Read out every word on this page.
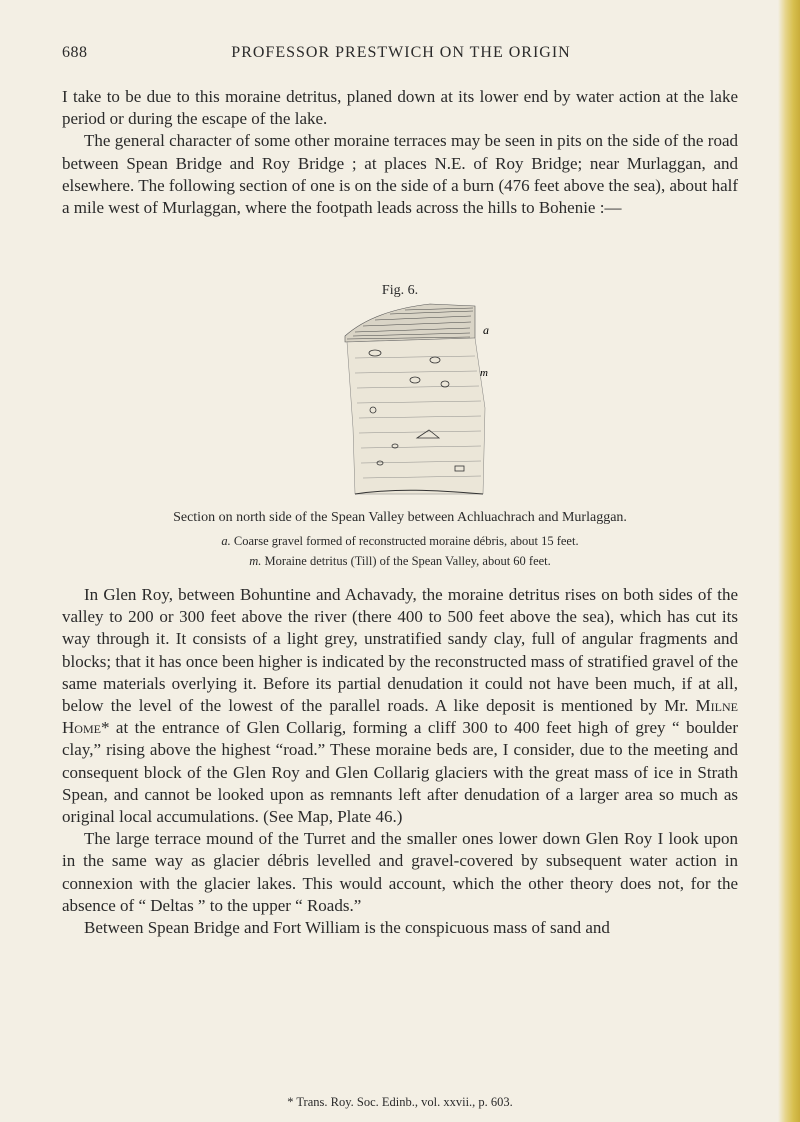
688	PROFESSOR PRESTWICH ON THE ORIGIN

I take to be due to this moraine detritus, planed down at its lower end by water action at the lake period or during the escape of the lake.
The general character of some other moraine terraces may be seen in pits on the side of the road between Spean Bridge and Roy Bridge ; at places N.E. of Roy Bridge; near Murlaggan, and elsewhere. The following section of one is on the side of a burn (476 feet above the sea), about half a mile west of Murlaggan, where the footpath leads across the hills to Bohenie :—

Fig. 6.
a
m
Section on north side of the Spean Valley between Achluachrach and Murlaggan.
a. Coarse gravel formed of reconstructed moraine débris, about 15 feet.
m. Moraine detritus (Till) of the Spean Valley, about 60 feet.

In Glen Roy, between Bohuntine and Achavady, the moraine detritus rises on both sides of the valley to 200 or 300 feet above the river (there 400 to 500 feet above the sea), which has cut its way through it. It consists of a light grey, unstratified sandy clay, full of angular fragments and blocks; that it has once been higher is indicated by the reconstructed mass of stratified gravel of the same materials overlying it. Before its partial denudation it could not have been much, if at all, below the level of the lowest of the parallel roads. A like deposit is mentioned by Mr. Milne Home* at the entrance of Glen Collarig, forming a cliff 300 to 400 feet high of grey “ boulder clay,” rising above the highest “road.” These moraine beds are, I consider, due to the meeting and consequent block of the Glen Roy and Glen Collarig glaciers with the great mass of ice in Strath Spean, and cannot be looked upon as remnants left after denudation of a larger area so much as original local accumulations. (See Map, Plate 46.)
The large terrace mound of the Turret and the smaller ones lower down Glen Roy I look upon in the same way as glacier débris levelled and gravel-covered by subsequent water action in connexion with the glacier lakes. This would account, which the other theory does not, for the absence of “ Deltas ” to the upper “ Roads.”
Between Spean Bridge and Fort William is the conspicuous mass of sand and

* Trans. Roy. Soc. Edinb., vol. xxvii., p. 603.
